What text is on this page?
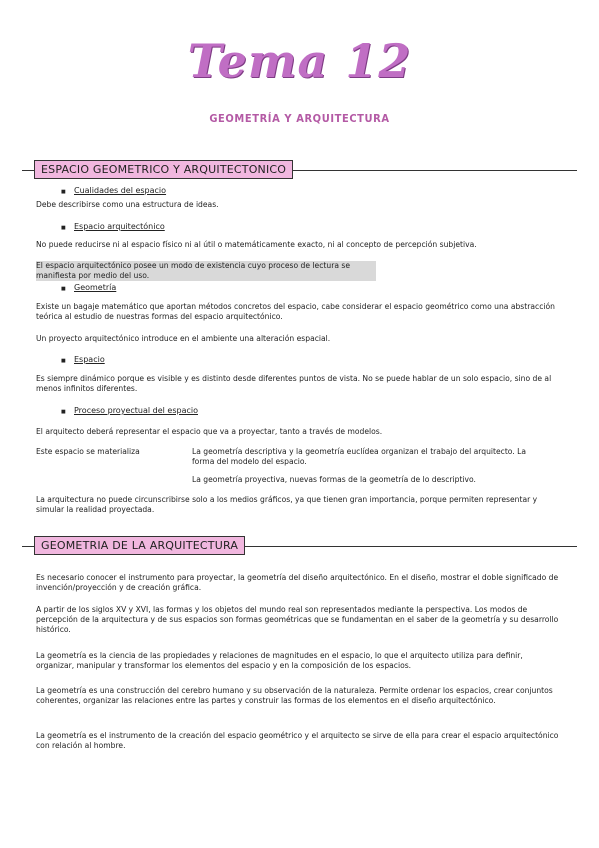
Tema 12
GEOMETRÍA Y ARQUITECTURA
ESPACIO GEOMETRICO Y ARQUITECTONICO
■ Cualidades del espacio
Debe describirse como una estructura de ideas.
■ Espacio arquitectónico
No puede reducirse ni al espacio físico ni al útil o matemáticamente exacto, ni al concepto de percepción subjetiva.
El espacio arquitectónico posee un modo de existencia cuyo proceso de lectura se manifiesta por medio del uso.
■ Geometría
Existe un bagaje matemático que aportan métodos concretos del espacio, cabe considerar el espacio geométrico como una abstracción teórica al estudio de nuestras formas del espacio arquitectónico.
Un proyecto arquitectónico introduce en el ambiente una alteración espacial.
■ Espacio
Es siempre dinámico porque es visible y es distinto desde diferentes puntos de vista. No se puede hablar de un solo espacio, sino de al menos infinitos diferentes.
■ Proceso proyectual del espacio
El arquitecto deberá representar el espacio que va a proyectar, tanto a través de modelos.
Este espacio se materializa	La geometría descriptiva y la geometría euclídea organizan el trabajo del arquitecto. La forma del modelo del espacio.
La geometría proyectiva, nuevas formas de la geometría de lo descriptivo.
La arquitectura no puede circunscribirse solo a los medios gráficos, ya que tienen gran importancia, porque permiten representar y simular la realidad proyectada.
GEOMETRIA DE LA ARQUITECTURA
Es necesario conocer el instrumento para proyectar, la geometría del diseño arquitectónico. En el diseño, mostrar el doble significado de invención/proyección y de creación gráfica.
A partir de los siglos XV y XVI, las formas y los objetos del mundo real son representados mediante la perspectiva. Los modos de percepción de la arquitectura y de sus espacios son formas geométricas que se fundamentan en el saber de la geometría y su desarrollo histórico.
La geometría es la ciencia de las propiedades y relaciones de magnitudes en el espacio, lo que el arquitecto utiliza para definir, organizar, manipular y transformar los elementos del espacio y en la composición de los espacios.
La geometría es una construcción del cerebro humano y su observación de la naturaleza. Permite ordenar los espacios, crear conjuntos coherentes, organizar las relaciones entre las partes y construir las formas de los elementos en el diseño arquitectónico.
La geometría es el instrumento de la creación del espacio geométrico y el arquitecto se sirve de ella para crear el espacio arquitectónico con relación al hombre.
